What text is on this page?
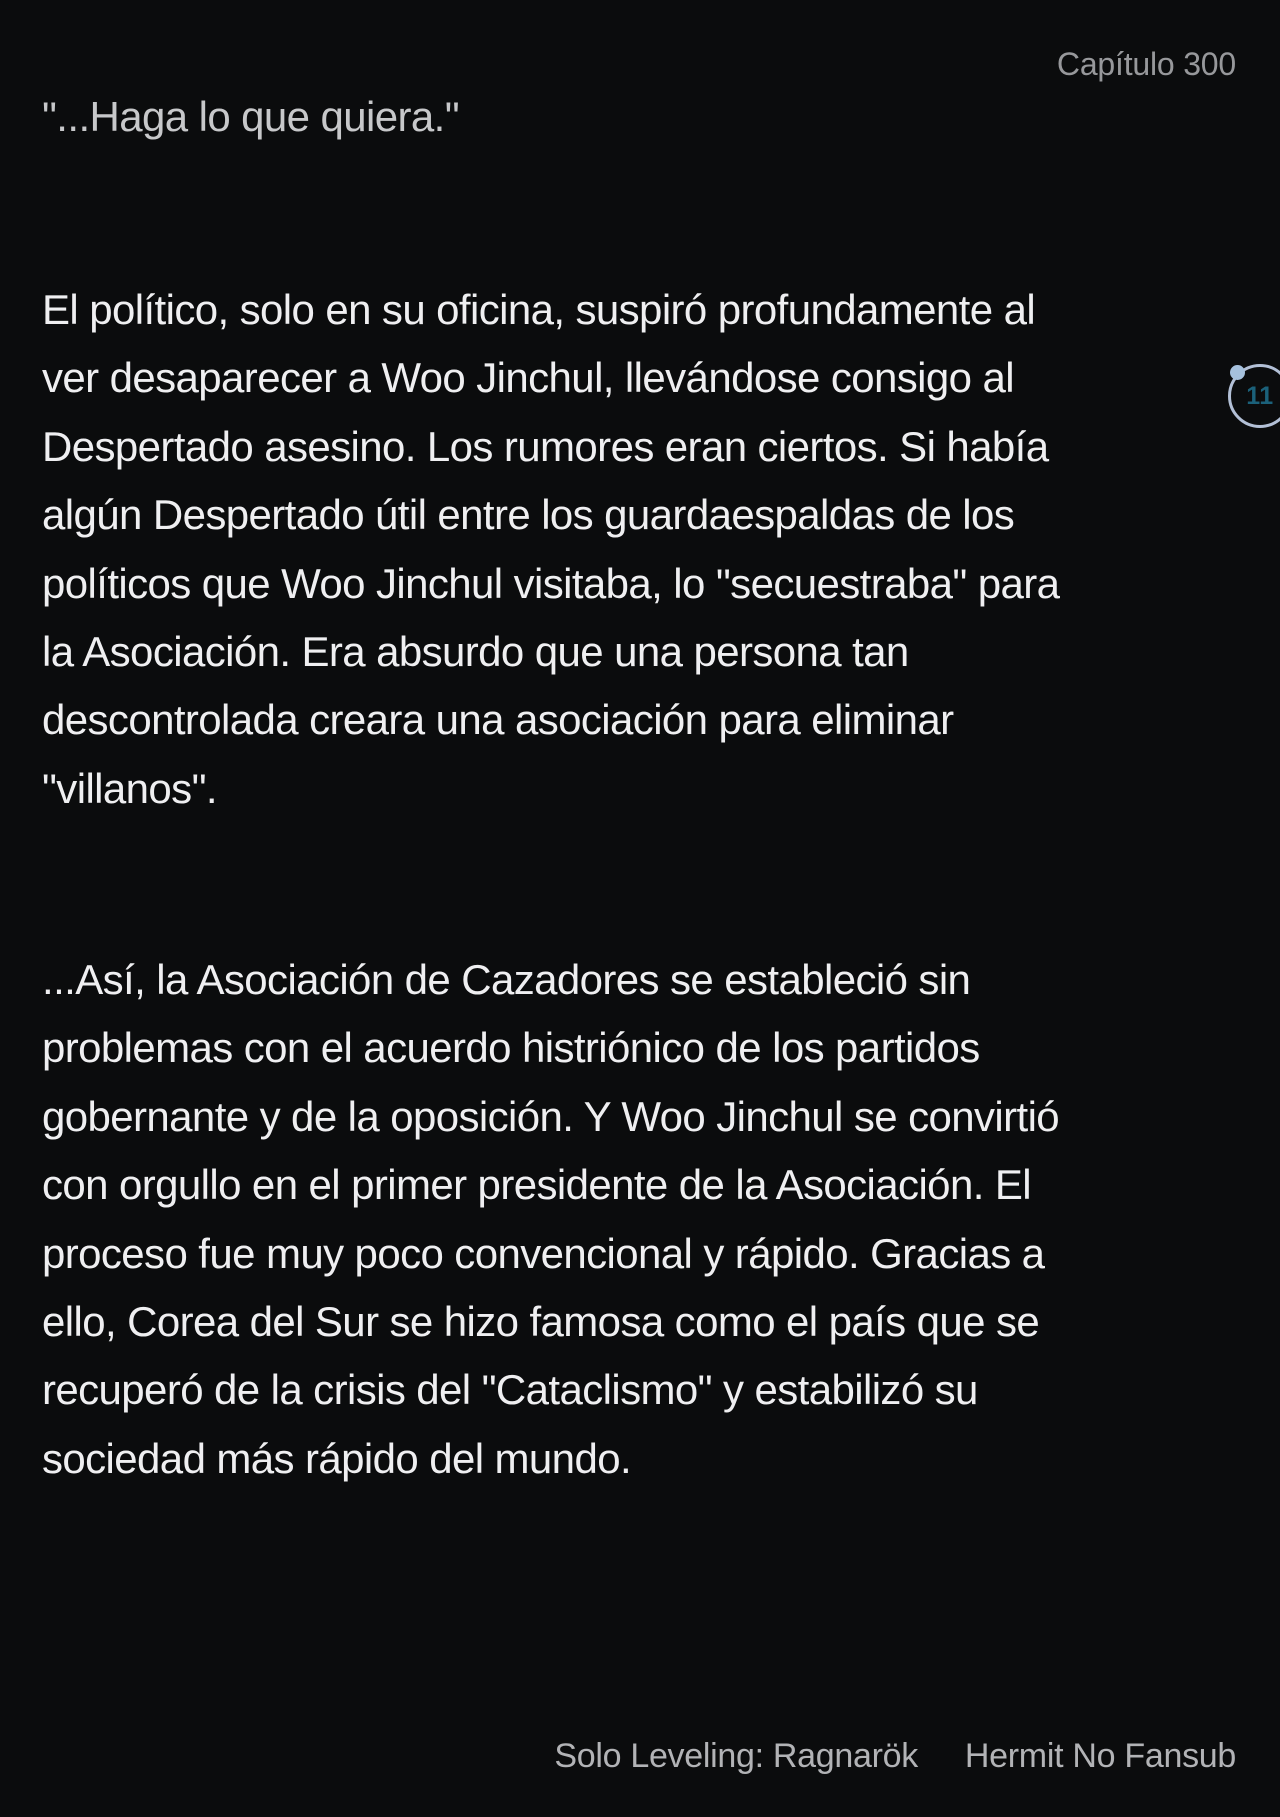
Capítulo 300
"...Haga lo que quiera."
El político, solo en su oficina, suspiró profundamente al
ver desaparecer a Woo Jinchul, llevándose consigo al
Despertado asesino. Los rumores eran ciertos. Si había
algún Despertado útil entre los guardaespaldas de los
políticos que Woo Jinchul visitaba, lo "secuestraba" para
la Asociación. Era absurdo que una persona tan
descontrolada creara una asociación para eliminar
"villanos".
...Así, la Asociación de Cazadores se estableció sin
problemas con el acuerdo histriónico de los partidos
gobernante y de la oposición. Y Woo Jinchul se convirtió
con orgullo en el primer presidente de la Asociación. El
proceso fue muy poco convencional y rápido. Gracias a
ello, Corea del Sur se hizo famosa como el país que se
recuperó de la crisis del "Cataclismo" y estabilizó su
sociedad más rápido del mundo.
11
Solo Leveling: Ragnarök Hermit No Fansub
